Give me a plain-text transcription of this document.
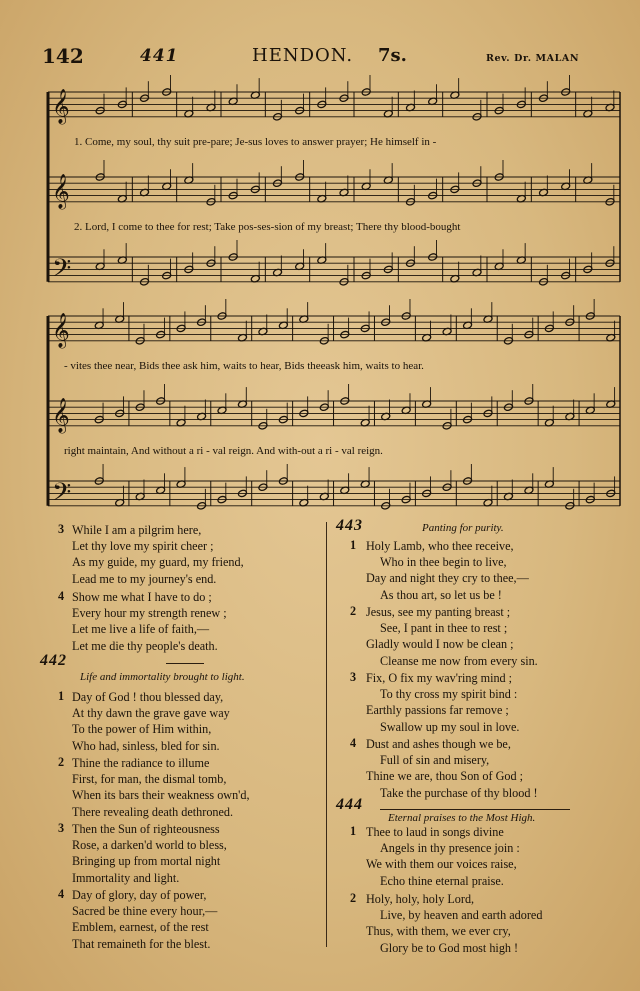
142	441	HENDON. 7s.	Rev. Dr. MALAN
𝄞
𝄞
𝄢
𝄞
𝄞
𝄢
1. Come, my soul, thy suit pre-pare; Je-sus loves to answer prayer; He himself in -
2. Lord, I come to thee for rest; Take pos-ses-sion of my breast; There thy blood-bought
- vites thee near, Bids thee ask him, waits to hear, Bids theeask him, waits to hear.
right maintain, And without a ri - val reign. And with-out a ri - val reign.
3 While I am a pilgrim here,
Let thy love my spirit cheer ;
As my guide, my guard, my friend,
Lead me to my journey's end.
4 Show me what I have to do ;
Every hour my strength renew ;
Let me live a life of faith,—
Let me die thy people's death.
442
Life and immortality brought to light.
1 Day of God ! thou blessed day,
At thy dawn the grave gave way
To the power of Him within,
Who had, sinless, bled for sin.
2 Thine the radiance to illume
First, for man, the dismal tomb,
When its bars their weakness own'd,
There revealing death dethroned.
3 Then the Sun of righteousness
Rose, a darken'd world to bless,
Bringing up from mortal night
Immortality and light.
4 Day of glory, day of power,
Sacred be thine every hour,—
Emblem, earnest, of the rest
That remaineth for the blest.
443	Panting for purity.
1 Holy Lamb, who thee receive,
Who in thee begin to live,
Day and night they cry to thee,—
As thou art, so let us be !
2 Jesus, see my panting breast ;
See, I pant in thee to rest ;
Gladly would I now be clean ;
Cleanse me now from every sin.
3 Fix, O fix my wav'ring mind ;
To thy cross my spirit bind :
Earthly passions far remove ;
Swallow up my soul in love.
4 Dust and ashes though we be,
Full of sin and misery,
Thine we are, thou Son of God ;
Take the purchase of thy blood !
444
Eternal praises to the Most High.
1 Thee to laud in songs divine
Angels in thy presence join :
We with them our voices raise,
Echo thine eternal praise.
2 Holy, holy, holy Lord,
Live, by heaven and earth adored
Thus, with them, we ever cry,
Glory be to God most high !
